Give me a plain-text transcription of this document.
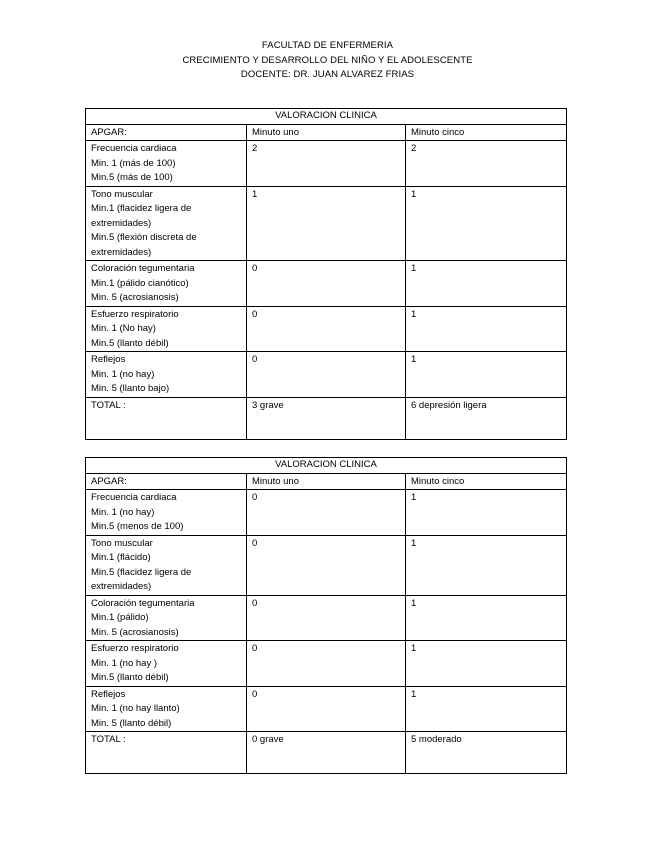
FACULTAD DE ENFERMERIA
CRECIMIENTO Y DESARROLLO DEL NIÑO Y EL ADOLESCENTE
DOCENTE: DR. JUAN ALVAREZ FRIAS
VALORACION CLINICA		
APGAR:	Minuto uno	Minuto cinco

Frecuencia cardiaca
Min. 1 (más de 100)
Min.5 (más de 100)	2	2

Tono muscular
Min.1 (flacidez ligera de
extremidades)
Min.5 (flexión discreta de
extremidades)	1	1

Coloración tegumentaria
Min.1 (pálido cianótico)
Min. 5 (acrosianosis)	0	1

Esfuerzo respiratorio
Min. 1 (No hay)
Min.5 (llanto débil)	0	1

Reflejos
Min. 1 (no hay)
Min. 5 (llanto bajo)	0	1
TOTAL :	3 grave	6 depresión ligera
VALORACION CLINICA		
APGAR:	Minuto uno	Minuto cinco

Frecuencia cardiaca
Min. 1 (no hay)
Min.5 (menos de 100)	0	1

Tono muscular
Min.1 (flácido)
Min.5 (flacidez ligera de
extremidades)	0	1

Coloración tegumentaria
Min.1 (pálido)
Min. 5 (acrosianosis)	0	1

Esfuerzo respiratorio
Min. 1 (no hay )
Min.5 (llanto débil)	0	1

Reflejos
Min. 1 (no hay llanto)
Min. 5 (llanto débil)	0	1
TOTAL :	0 grave	5 moderado
